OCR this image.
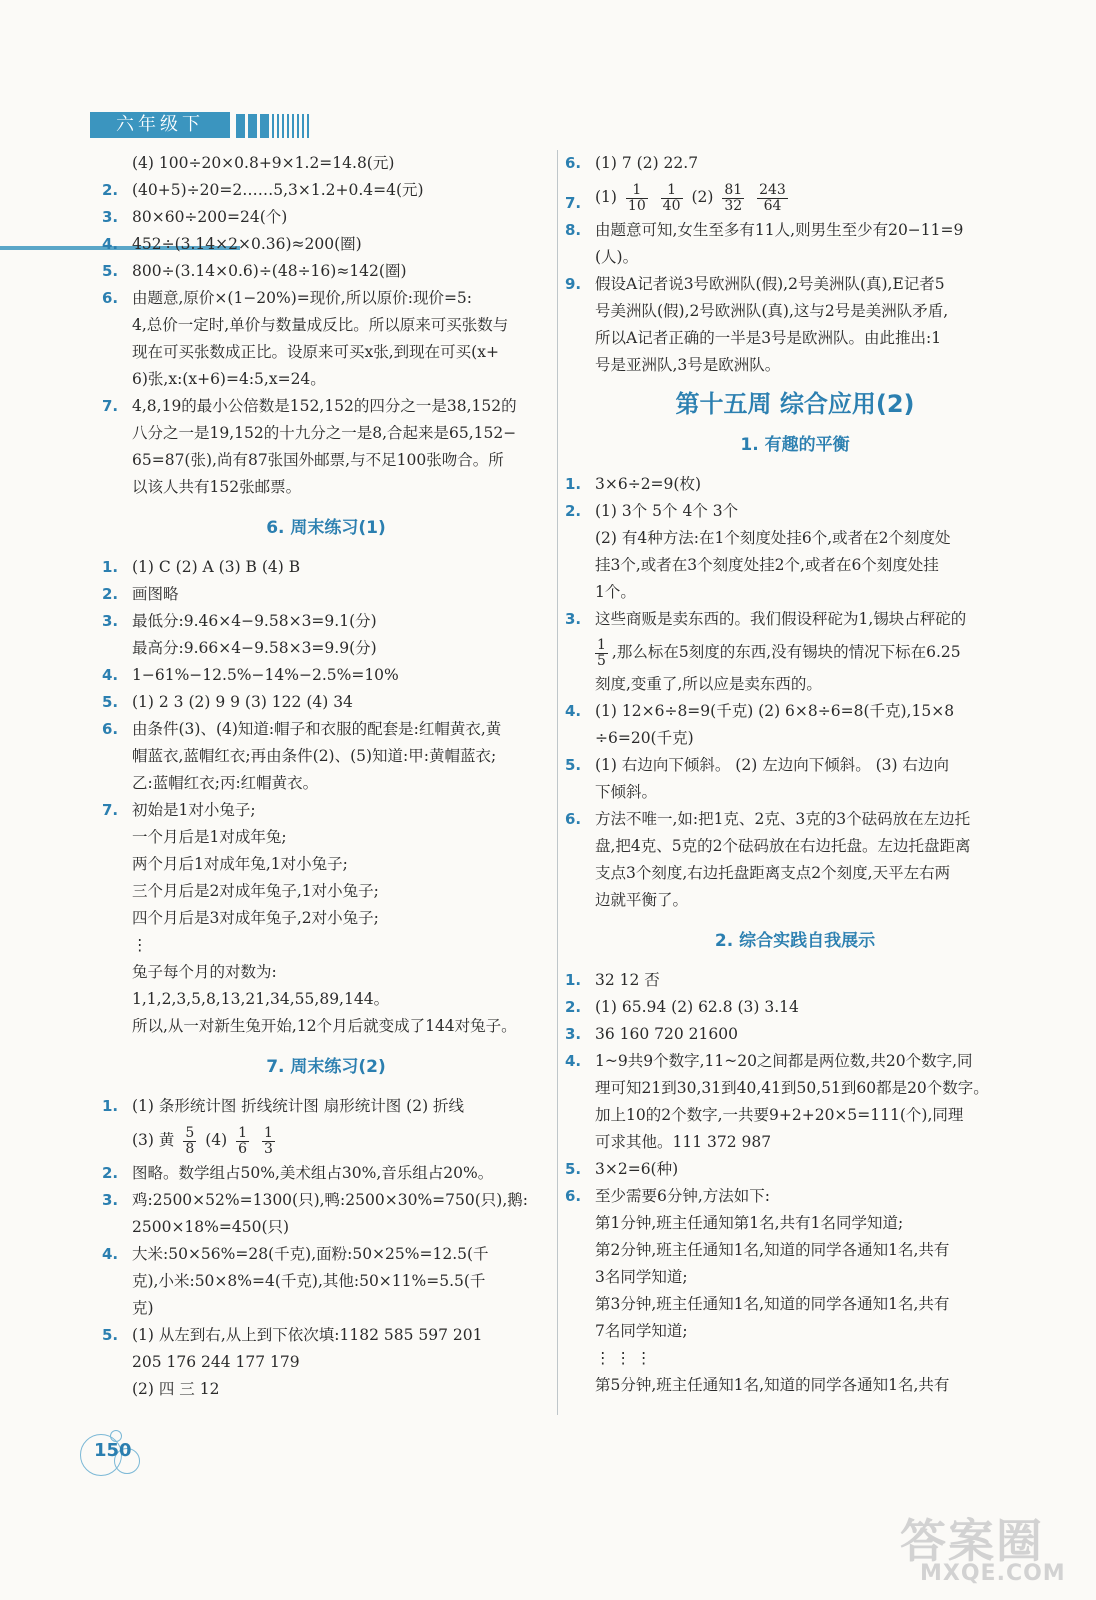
六年级下
(4) 100÷20×0.8+9×1.2=14.8(元)
2. (40+5)÷20=2……5,3×1.2+0.4=4(元)
3. 80×60÷200=24(个)
4. 452÷(3.14×2×0.36)≈200(圈)
5. 800÷(3.14×0.6)÷(48÷16)≈142(圈)
6. 由题意,原价×(1−20%)=现价,所以原价:现价=5:
4,总价一定时,单价与数量成反比。所以原来可买张数与
现在可买张数成正比。设原来可买x张,到现在可买(x+
6)张,x:(x+6)=4:5,x=24。
7. 4,8,19的最小公倍数是152,152的四分之一是38,152的
八分之一是19,152的十九分之一是8,合起来是65,152−
65=87(张),尚有87张国外邮票,与不足100张吻合。所
以该人共有152张邮票。
6. 周末练习(1)
1. (1) C (2) A (3) B (4) B
2. 画图略
3. 最低分:9.46×4−9.58×3=9.1(分)
最高分:9.66×4−9.58×3=9.9(分)
4. 1−61%−12.5%−14%−2.5%=10%
5. (1) 2 3 (2) 9 9 (3) 122 (4) 34
6. 由条件(3)、(4)知道:帽子和衣服的配套是:红帽黄衣,黄
帽蓝衣,蓝帽红衣;再由条件(2)、(5)知道:甲:黄帽蓝衣;
乙:蓝帽红衣;丙:红帽黄衣。
7. 初始是1对小兔子;
一个月后是1对成年兔;
两个月后1对成年兔,1对小兔子;
三个月后是2对成年兔子,1对小兔子;
四个月后是3对成年兔子,2对小兔子;
⋮
兔子每个月的对数为:
1,1,2,3,5,8,13,21,34,55,89,144。
所以,从一对新生兔开始,12个月后就变成了144对兔子。
7. 周末练习(2)
1. (1) 条形统计图 折线统计图 扇形统计图 (2) 折线
(3) 黄 $\frac{5}{8} (4) \frac{1}{6}$
$\frac{1}{3}$
2. 图略。数学组占50%,美术组占30%,音乐组占20%。
3. 鸡:2500×52%=1300(只),鸭:2500×30%=750(只),鹅:
2500×18%=450(只)
4. 大米:50×56%=28(千克),面粉:50×25%=12.5(千
克),小米:50×8%=4(千克),其他:50×11%=5.5(千
克)
5. (1) 从左到右,从上到下依次填:1182 585 597 201
205 176 244 177 179
(2) 四 三 12
6. (1) 7 (2) 22.7
7. $(1) \frac{1}{10}$
$\frac{1}{40} (2) \frac{81}{32}$
$\frac{243}{64}$
8. 由题意可知,女生至多有11人,则男生至少有20−11=9
(人)。
9. 假设A记者说3号欧洲队(假),2号美洲队(真),E记者5
号美洲队(假),2号欧洲队(真),这与2号是美洲队矛盾,
所以A记者正确的一半是3号是欧洲队。由此推出:1
号是亚洲队,3号是欧洲队。
第十五周 综合应用(2)
1. 有趣的平衡
1. 3×6÷2=9(枚)
2. (1) 3个 5个 4个 3个
(2) 有4种方法:在1个刻度处挂6个,或者在2个刻度处
挂3个,或者在3个刻度处挂2个,或者在6个刻度处挂
1个。
3. 这些商贩是卖东西的。我们假设秤砣为1,锡块占秤砣的
$\frac{1}{5}$ ,那么标在5刻度的东西,没有锡块的情况下标在6.25
刻度,变重了,所以应是卖东西的。
4. (1) 12×6÷8=9(千克) (2) 6×8÷6=8(千克),15×8
÷6=20(千克)
5. (1) 右边向下倾斜。 (2) 左边向下倾斜。 (3) 右边向
下倾斜。
6. 方法不唯一,如:把1克、2克、3克的3个砝码放在左边托
盘,把4克、5克的2个砝码放在右边托盘。左边托盘距离
支点3个刻度,右边托盘距离支点2个刻度,天平左右两
边就平衡了。
2. 综合实践自我展示
1. 32 12 否
2. (1) 65.94 (2) 62.8 (3) 3.14
3. 36 160 720 21600
4. 1~9共9个数字,11~20之间都是两位数,共20个数字,同
理可知21到30,31到40,41到50,51到60都是20个数字。
加上10的2个数字,一共要9+2+20×5=111(个),同理
可求其他。111 372 987
5. 3×2=6(种)
6. 至少需要6分钟,方法如下:
第1分钟,班主任通知第1名,共有1名同学知道;
第2分钟,班主任通知1名,知道的同学各通知1名,共有
3名同学知道;
第3分钟,班主任通知1名,知道的同学各通知1名,共有
7名同学知道;
⋮ ⋮ ⋮
第5分钟,班主任通知1名,知道的同学各通知1名,共有
150
答案圈
MXQE.COM
